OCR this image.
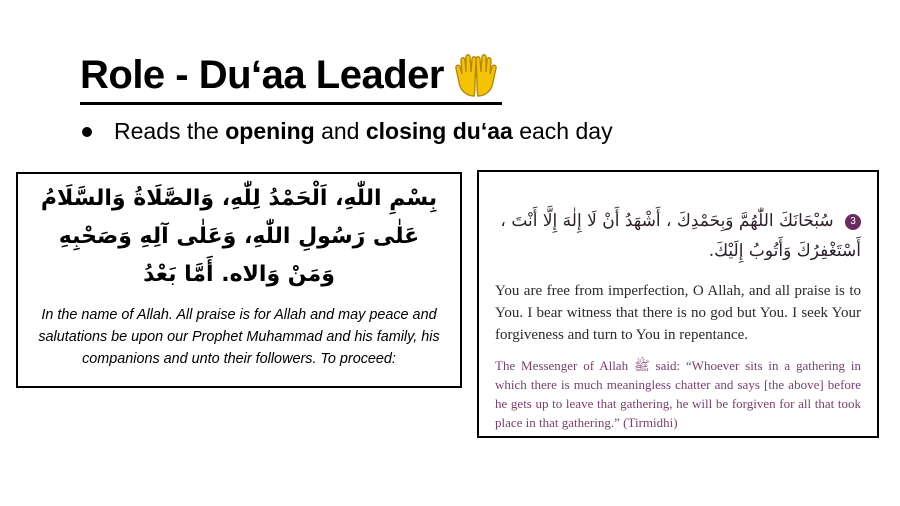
Role - Du‘aa Leader
Reads the opening and closing du‘aa each day
بِسْمِ اللّٰهِ، اَلْحَمْدُ لِلّٰهِ، وَالصَّلَاةُ وَالسَّلَامُ عَلٰى رَسُولِ اللّٰهِ، وَعَلٰى آلِهِ وَصَحْبِهِ وَمَنْ وَالاه. أَمَّا بَعْدُ
In the name of Allah. All praise is for Allah and may peace and salutations be upon our Prophet Muhammad and his family, his companions and unto their followers. To proceed:
3 سُبْحَانَكَ اللّٰهُمَّ وَبِحَمْدِكَ ، أَشْهَدُ أَنْ لَا إِلٰهَ إِلَّا أَنْتَ ، أَسْتَغْفِرُكَ وَأَتُوبُ إِلَيْكَ.
You are free from imperfection, O Allah, and all praise is to You. I bear witness that there is no god but You. I seek Your forgiveness and turn to You in repentance.
The Messenger of Allah ﷺ said: “Whoever sits in a gathering in which there is much meaningless chatter and says [the above] before he gets up to leave that gathering, he will be forgiven for all that took place in that gathering.” (Tirmidhi)
